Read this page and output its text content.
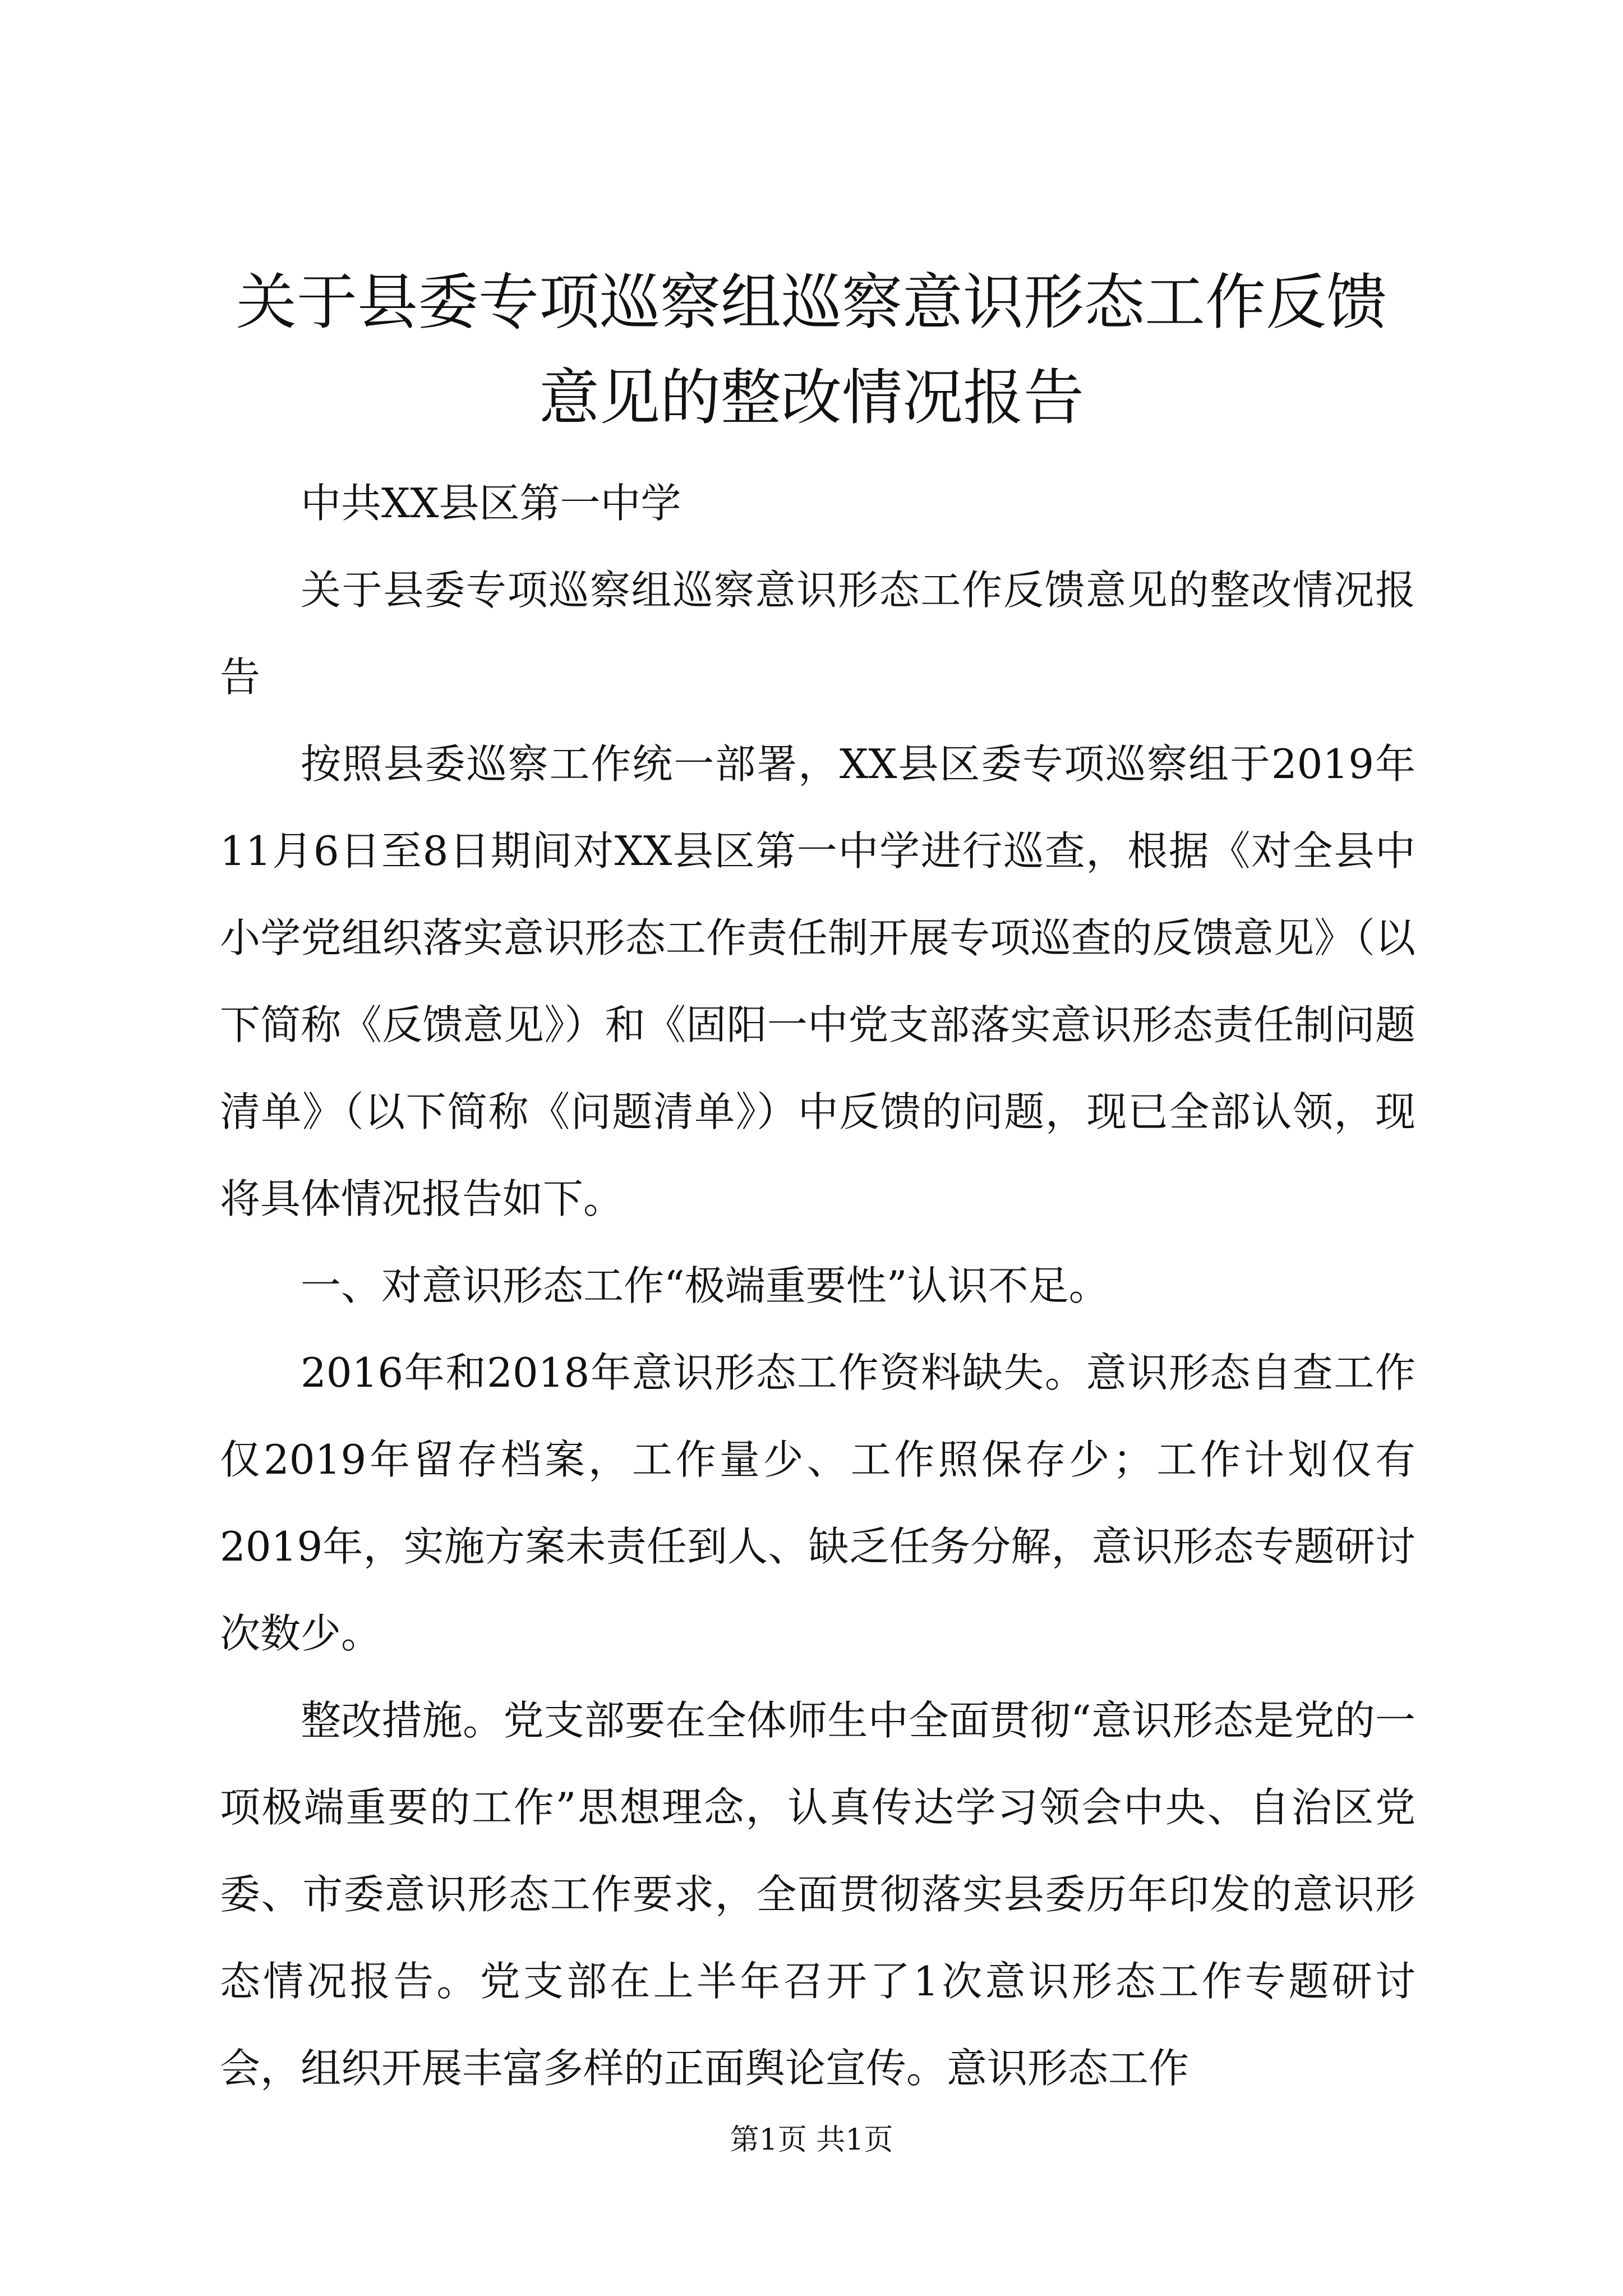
关于县委专项巡察组巡察意识形态工作反馈意见的整改情况报告

中共XX县区第一中学

关于县委专项巡察组巡察意识形态工作反馈意见的整改情况报告

按照县委巡察工作统一部署，XX县区委专项巡察组于2019年11月6日至8日期间对XX县区第一中学进行巡查，根据《对全县中小学党组织落实意识形态工作责任制开展专项巡查的反馈意见》（以下简称《反馈意见》）和《固阳一中党支部落实意识形态责任制问题清单》（以下简称《问题清单》）中反馈的问题，现已全部认领，现将具体情况报告如下。

一、对意识形态工作“极端重要性”认识不足。

2016年和2018年意识形态工作资料缺失。意识形态自查工作仅2019年留存档案，工作量少、工作照保存少；工作计划仅有2019年，实施方案未责任到人、缺乏任务分解，意识形态专题研讨次数少。

整改措施。党支部要在全体师生中全面贯彻“意识形态是党的一项极端重要的工作”思想理念，认真传达学习领会中央、自治区党委、市委意识形态工作要求，全面贯彻落实县委历年印发的意识形态情况报告。党支部在上半年召开了1次意识形态工作专题研讨会，组织开展丰富多样的正面舆论宣传。意识形态工作

第1页 共1页
